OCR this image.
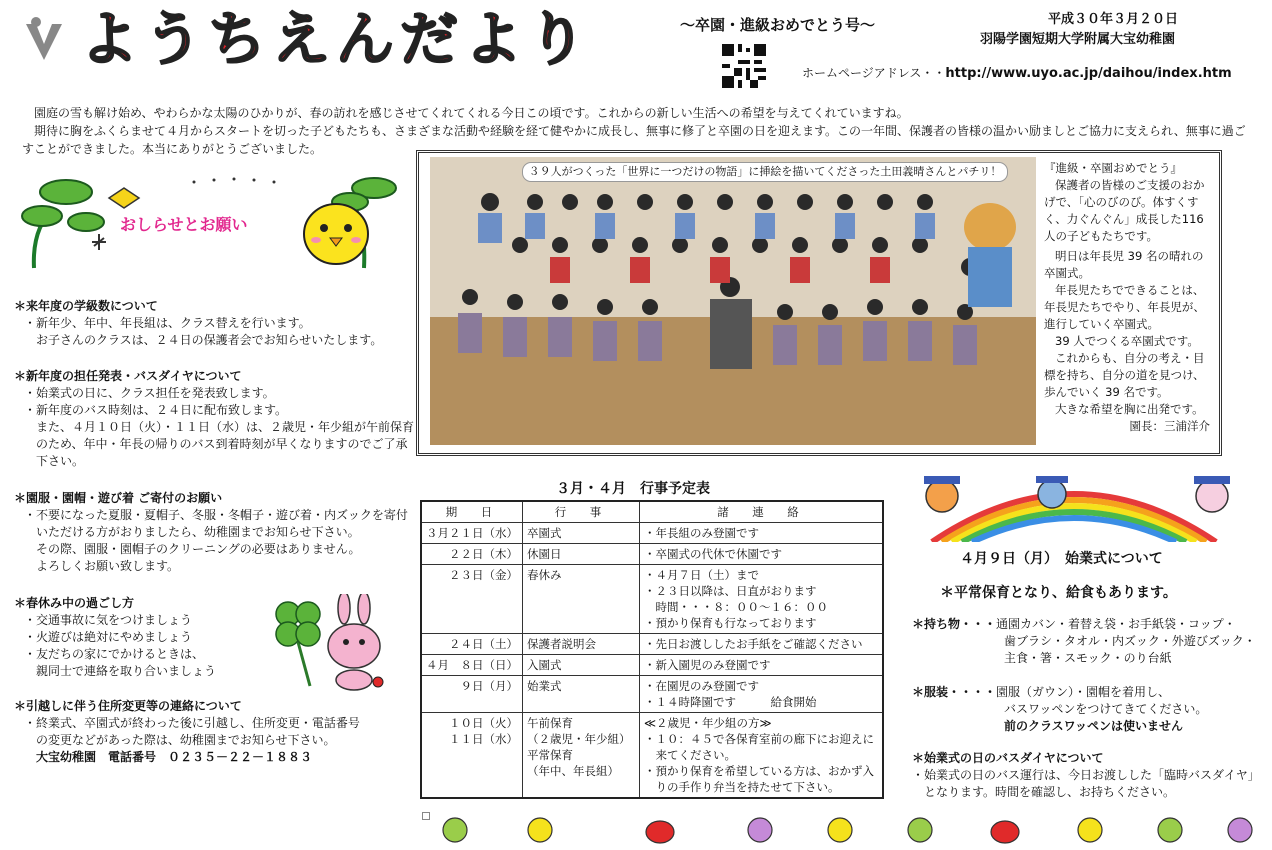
ようちえんだより	～卒園・進級おめでとう号～	平成３０年３月２０日
羽陽学園短期大学附属大宝幼稚園
ホームページアドレス・・http://www.uyo.ac.jp/daihou/index.htm

園庭の雪も解け始め、やわらかな太陽のひかりが、春の訪れを感じさせてくれてくれる今日この頃です。これからの新しい生活への希望を与えてくれていますね。

期待に胸をふくらませて４月からスタートを切った子どもたちも、さまざまな活動や経験を経て健やかに成長し、無事に修了と卒園の日を迎えます。この一年間、保護者の皆様の温かい励ましとご協力に支えられ、無事に過ごすことができました。本当にありがとうございました。

おしらせとお願い
＊来年度の学級数について

・新年少、年中、年長組は、クラス替えを行います。

お子さんのクラスは、２４日の保護者会でお知らせいたします。

＊新年度の担任発表・バスダイヤについて

・始業式の日に、クラス担任を発表致します。

・新年度のバス時刻は、２４日に配布致します。

また、４月１０日（火）・１１日（水）は、２歳児・年少組が午前保育

のため、年中・年長の帰りのバス到着時刻が早くなりますのでご了承

下さい。

＊園服・園帽・遊び着 ご寄付のお願い

・不要になった夏服・夏帽子、冬服・冬帽子・遊び着・内ズックを寄付

いただける方がおりましたら、幼稚園までお知らせ下さい。

その際、園服・園帽子のクリーニングの必要はありません。

よろしくお願い致します。

＊春休み中の過ごし方

・交通事故に気をつけましょう

・火遊びは絶対にやめましょう

・友だちの家にでかけるときは、

親同士で連絡を取り合いましょう

＊引越しに伴う住所変更等の連絡について

・終業式、卒園式が終わった後に引越し、住所変更・電話番号

の変更などがあった際は、幼稚園までお知らせ下さい。

大宝幼稚園　電話番号　０２３５－２２－１８８３

３９人がつくった「世界に一つだけの物語」に挿絵を描いてくださった土田義晴さんとパチリ！	『進級・卒園おめでとう』

保護者の皆様のご支援のおかげで、「心のびのび。体すくすく、力ぐんぐん」成長した116人の子どもたちです。

明日は年長児 39 名の晴れの卒園式。

年長児たちでできることは、年長児たちでやり、年長児が、進行していく卒園式。

39 人でつくる卒園式です。

これからも、自分の考え・目標を持ち、自分の道を見つけ、歩んでいく 39 名です。

大きな希望を胸に出発です。

園長：三浦洋介

３月・４月　行事予定表
期　日	行　事	諸　連　絡

３月２１日（水）	卒園式	・年長組のみ登園です

２２日（木）	休園日	・卒園式の代休で休園です

２３日（金）	春休み	・４月７日（土）まで
・２３日以降は、日直がおります
　時間・・・８：００～１６：００
・預かり保育も行なっております

２４日（土）	保護者説明会	・先日お渡ししたお手紙をご確認ください

４月　８日（日）	入園式	・新入園児のみ登園です

９日（月）	始業式	・在園児のみ登園です
・１４時降園です　　　給食開始

１０日（火）
１１日（水）	午前保育
（２歳児・年少組）
平常保育
（年中、年長組）	≪２歳児・年少組の方≫
・１０：４５で各保育室前の廊下にお迎えに
　来てください。
・預かり保育を希望している方は、おかず入
　りの手作り弁当を持たせて下さい。
４月９日（月）　始業式について
＊平常保育となり、給食もあります。

＊持ち物・・・通園カバン・着替え袋・お手紙袋・コップ・

歯ブラシ・タオル・内ズック・外遊びズック・

主食・箸・スモック・のり台紙

＊服装・・・・園服（ガウン）・園帽を着用し、

バスワッペンをつけてきてください。

前のクラスワッペンは使いません

＊始業式の日のバスダイヤについて

・始業式の日のバス運行は、今日お渡しした「臨時バスダイヤ」

となります。時間を確認し、お持ちください。
